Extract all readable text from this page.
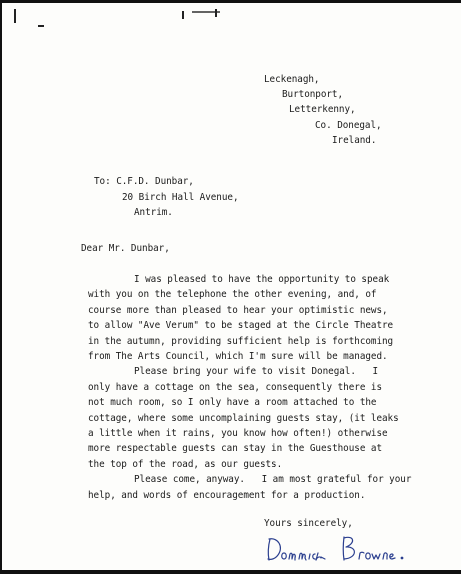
Leckenagh,
Burtonport,
Letterkenny,
Co. Donegal,
Ireland.
To: C.F.D. Dunbar,
20 Birch Hall Avenue,
Antrim.
Dear Mr. Dunbar,
I was pleased to have the opportunity to speak
with you on the telephone the other evening, and, of
course more than pleased to hear your optimistic news,
to allow "Ave Verum" to be staged at the Circle Theatre
in the autumn, providing sufficient help is forthcoming
from The Arts Council, which I'm sure will be managed.
Please bring your wife to visit Donegal.   I
only have a cottage on the sea, consequently there is
not much room, so I only have a room attached to the
cottage, where some uncomplaining guests stay, (it leaks
a little when it rains, you know how often!) otherwise
more respectable guests can stay in the Guesthouse at
the top of the road, as our guests.
Please come, anyway.   I am most grateful for your
help, and words of encouragement for a production.
Yours sincerely,
